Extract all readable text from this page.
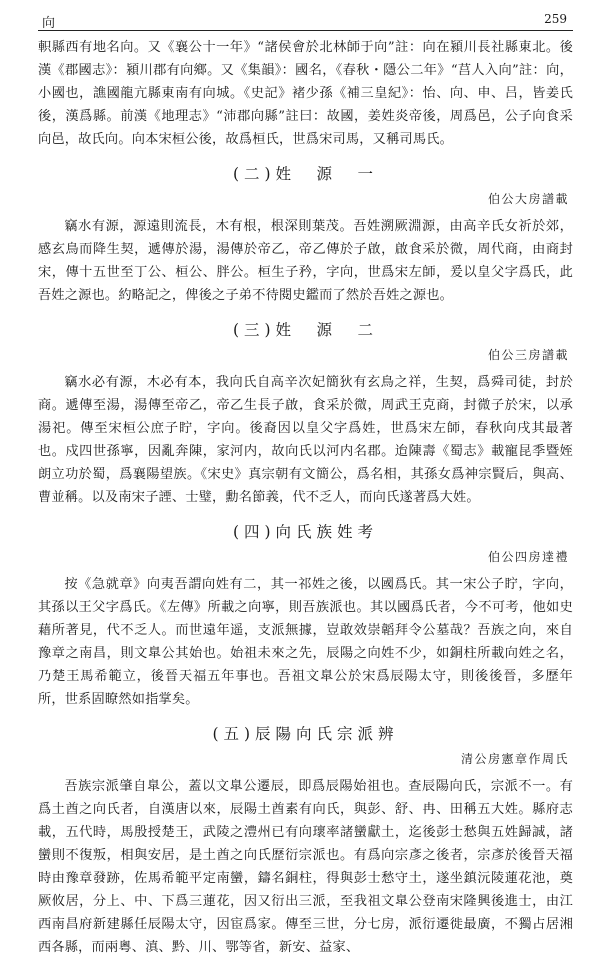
向	259

軹縣西有地名向。又《襄公十一年》“諸侯會於北林師于向”註：向在潁川長社縣東北。後漢《郡國志》：潁川郡有向鄉。又《集韻》：國名，《春秋・隱公二年》“莒人入向”註：向，小國也，譙國龍亢縣東南有向城。《史記》褚少孫《補三皇紀》：怡、向、申、吕，皆姜氏後，漢爲縣。前漢《地理志》“沛郡向縣”註曰：故國，姜姓炎帝後，周爲邑，公子向食采向邑，故氏向。向本宋桓公後，故爲桓氏，世爲宋司馬，又稱司馬氏。

(二)姓　源　一
伯公大房譜載

竊水有源，源遠則流長，木有根，根深則葉茂。吾姓溯厥淵源，由高辛氏女祈於郊，感玄鳥而降生契，遞傳於湯，湯傳於帝乙，帝乙傳於子啟，啟食采於微，周代商，由商封宋，傳十五世至丁公、桓公、胖公。桓生子矜，字向，世爲宋左師，爰以皇父字爲氏，此吾姓之源也。約略記之，俾後之子弟不待閱史鑑而了然於吾姓之源也。

(三)姓　源　二
伯公三房譜載

竊水必有源，木必有本，我向氏自高辛次妃簡狄有玄鳥之祥，生契，爲舜司徒，封於商。遞傳至湯，湯傳至帝乙，帝乙生長子啟，食采於微，周武王克商，封微子於宋，以承湯祀。傳至宋桓公庶子眝，字向。後裔因以皇父字爲姓，世爲宋左師，春秋向戌其最著也。戍四世孫寧，因亂奔陳，家河内，故向氏以河内名郡。迨陳壽《蜀志》載寵昆季暨姪朗立功於蜀，爲襄陽望族。《宋史》真宗朝有文簡公，爲名相，其孫女爲神宗賢后，與高、曹並稱。以及南宋子諲、士璧，勳名節義，代不乏人，而向氏遂著爲大姓。

(四)向氏族姓考
伯公四房達禮

按《急就章》向夷吾謂向姓有二，其一祁姓之後，以國爲氏。其一宋公子眝，字向，其孫以王父字爲氏。《左傳》所載之向寧，則吾族派也。其以國爲氏者，今不可考，他如史藉所著見，代不乏人。而世遠年遥，支派無據，豈敢效崇韜拜令公墓哉？吾族之向，來自豫章之南昌，則文臯公其始也。始祖未來之先，辰陽之向姓不少，如銅柱所載向姓之名，乃楚王馬希範立，後晉天福五年事也。吾祖文臯公於宋爲辰陽太守，則後後晉，多歷年所，世系固瞭然如指掌矣。

(五)辰陽向氏宗派辨
清公房憲章作周氏

吾族宗派肇自臯公，蓋以文臯公遷辰，即爲辰陽始祖也。查辰陽向氏，宗派不一。有爲土酋之向氏者，自漢唐以來，辰陽土酋素有向氏，與彭、舒、冉、田稱五大姓。縣府志載，五代時，馬殷授楚王，武陵之澧州已有向瓌率諸蠻獻土，迄後彭士愁與五姓歸誠，諸蠻則不復叛，相與安居，是土酋之向氏歷衍宗派也。有爲向宗彥之後者，宗彥於後晉天福時由豫章發跡，佐馬希範平定南蠻，鑄名銅柱，得與彭士愁守土，遂坐鎮沅陵蓮花池，奠厥攸居，分上、中、下爲三蓮花，因又衍出三派，至我祖文臯公登南宋隆興後進士，由江西南昌府新建縣任辰陽太守，因宦爲家。傳至三世，分七房，派衍遷徙最廣，不獨占居湘西各縣，而兩粵、滇、黔、川、鄂等省，新安、益家、
